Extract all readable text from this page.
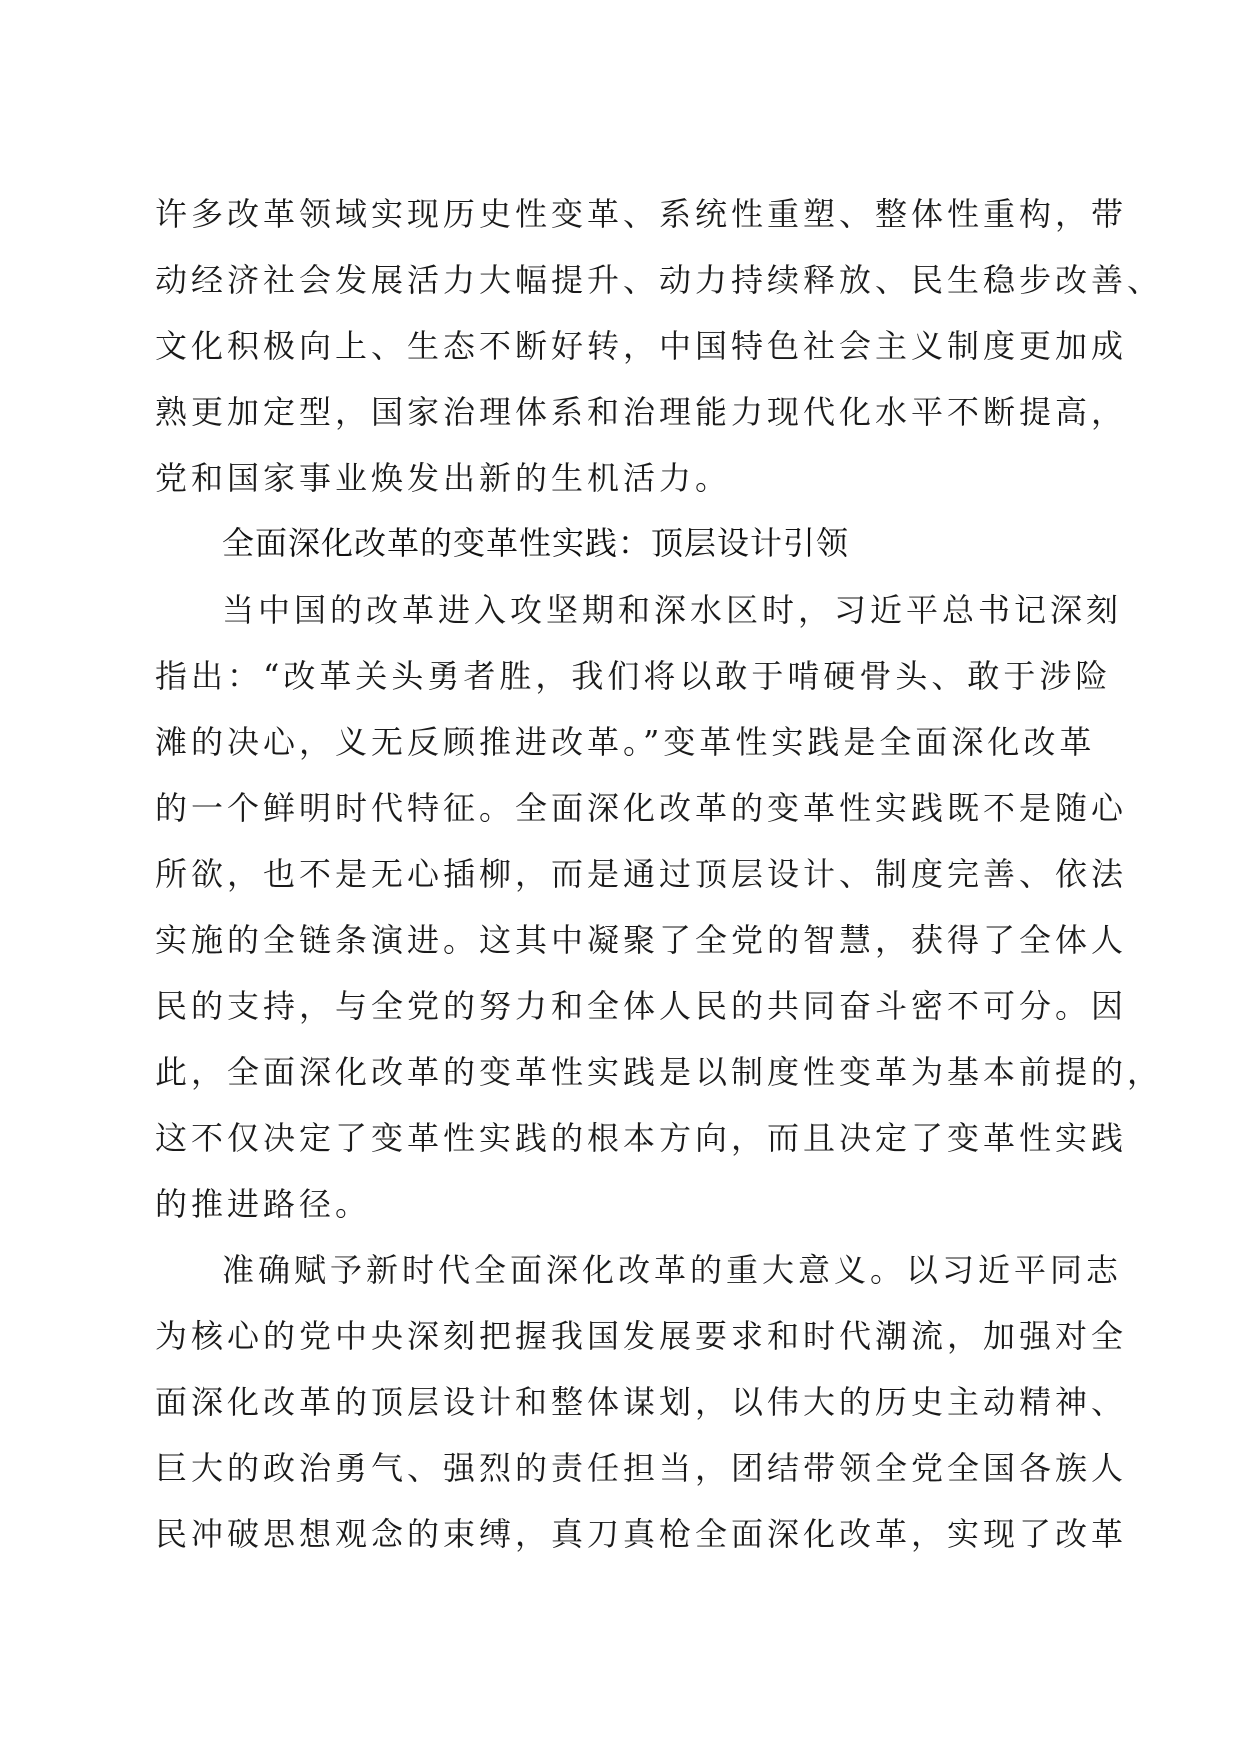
许多改革领域实现历史性变革、系统性重塑、整体性重构，带

动经济社会发展活力大幅提升、动力持续释放、民生稳步改善、

文化积极向上、生态不断好转，中国特色社会主义制度更加成

熟更加定型，国家治理体系和治理能力现代化水平不断提高，

党和国家事业焕发出新的生机活力。

全面深化改革的变革性实践：顶层设计引领

当中国的改革进入攻坚期和深水区时，习近平总书记深刻

指出：“改革关头勇者胜，我们将以敢于啃硬骨头、敢于涉险

滩的决心，义无反顾推进改革。”变革性实践是全面深化改革

的一个鲜明时代特征。全面深化改革的变革性实践既不是随心

所欲，也不是无心插柳，而是通过顶层设计、制度完善、依法

实施的全链条演进。这其中凝聚了全党的智慧，获得了全体人

民的支持，与全党的努力和全体人民的共同奋斗密不可分。因

此，全面深化改革的变革性实践是以制度性变革为基本前提的，

这不仅决定了变革性实践的根本方向，而且决定了变革性实践

的推进路径。

准确赋予新时代全面深化改革的重大意义。以习近平同志

为核心的党中央深刻把握我国发展要求和时代潮流，加强对全

面深化改革的顶层设计和整体谋划，以伟大的历史主动精神、

巨大的政治勇气、强烈的责任担当，团结带领全党全国各族人

民冲破思想观念的束缚，真刀真枪全面深化改革，实现了改革
